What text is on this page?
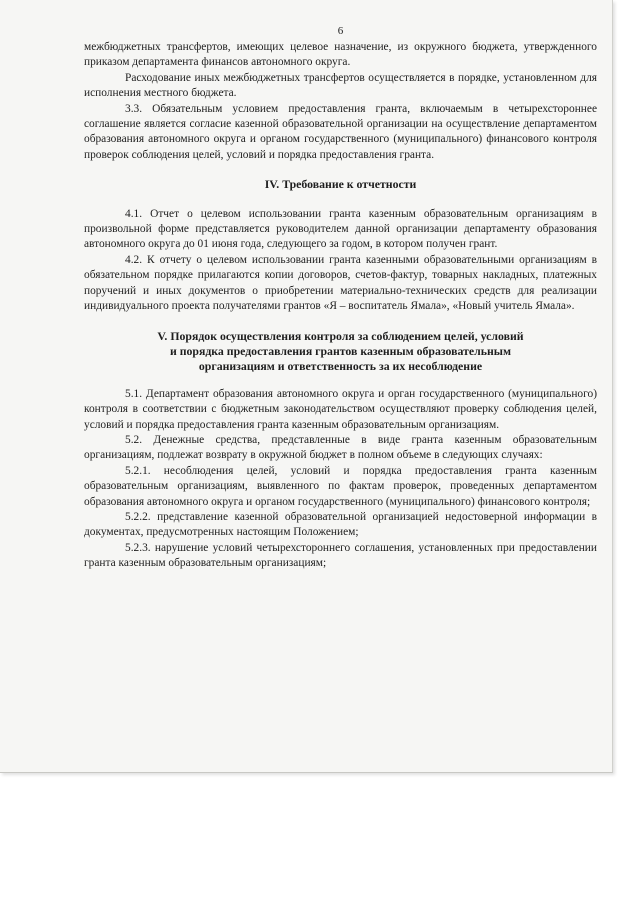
6

межбюджетных трансфертов, имеющих целевое назначение, из окружного бюджета, утвержденного приказом департамента финансов автономного округа.

Расходование иных межбюджетных трансфертов осуществляется в порядке, установленном для исполнения местного бюджета.

3.3. Обязательным условием предоставления гранта, включаемым в четырехстороннее соглашение является согласие казенной образовательной организации на осуществление департаментом образования автономного округа и органом государственного (муниципального) финансового контроля проверок соблюдения целей, условий и порядка предоставления гранта.

IV. Требование к отчетности

4.1. Отчет о целевом использовании гранта казенным образовательным организациям в произвольной форме представляется руководителем данной организации департаменту образования автономного округа до 01 июня года, следующего за годом, в котором получен грант.

4.2. К отчету о целевом использовании гранта казенными образовательными организациям в обязательном порядке прилагаются копии договоров, счетов-фактур, товарных накладных, платежных поручений и иных документов о приобретении материально-технических средств для реализации индивидуального проекта получателями грантов «Я – воспитатель Ямала», «Новый учитель Ямала».

V. Порядок осуществления контроля за соблюдением целей, условий
и порядка предоставления грантов казенным образовательным
организациям и ответственность за их несоблюдение

5.1. Департамент образования автономного округа и орган государственного (муниципального) контроля в соответствии с бюджетным законодательством осуществляют проверку соблюдения целей, условий и порядка предоставления гранта казенным образовательным организациям.

5.2. Денежные средства, представленные в виде гранта казенным образовательным организациям, подлежат возврату в окружной бюджет в полном объеме в следующих случаях:

5.2.1. несоблюдения целей, условий и порядка предоставления гранта казенным образовательным организациям, выявленного по фактам проверок, проведенных департаментом образования автономного округа и органом государственного (муниципального) финансового контроля;

5.2.2. представление казенной образовательной организацией недостоверной информации в документах, предусмотренных настоящим Положением;

5.2.3. нарушение условий четырехстороннего соглашения, установленных при предоставлении гранта казенным образовательным организациям;
